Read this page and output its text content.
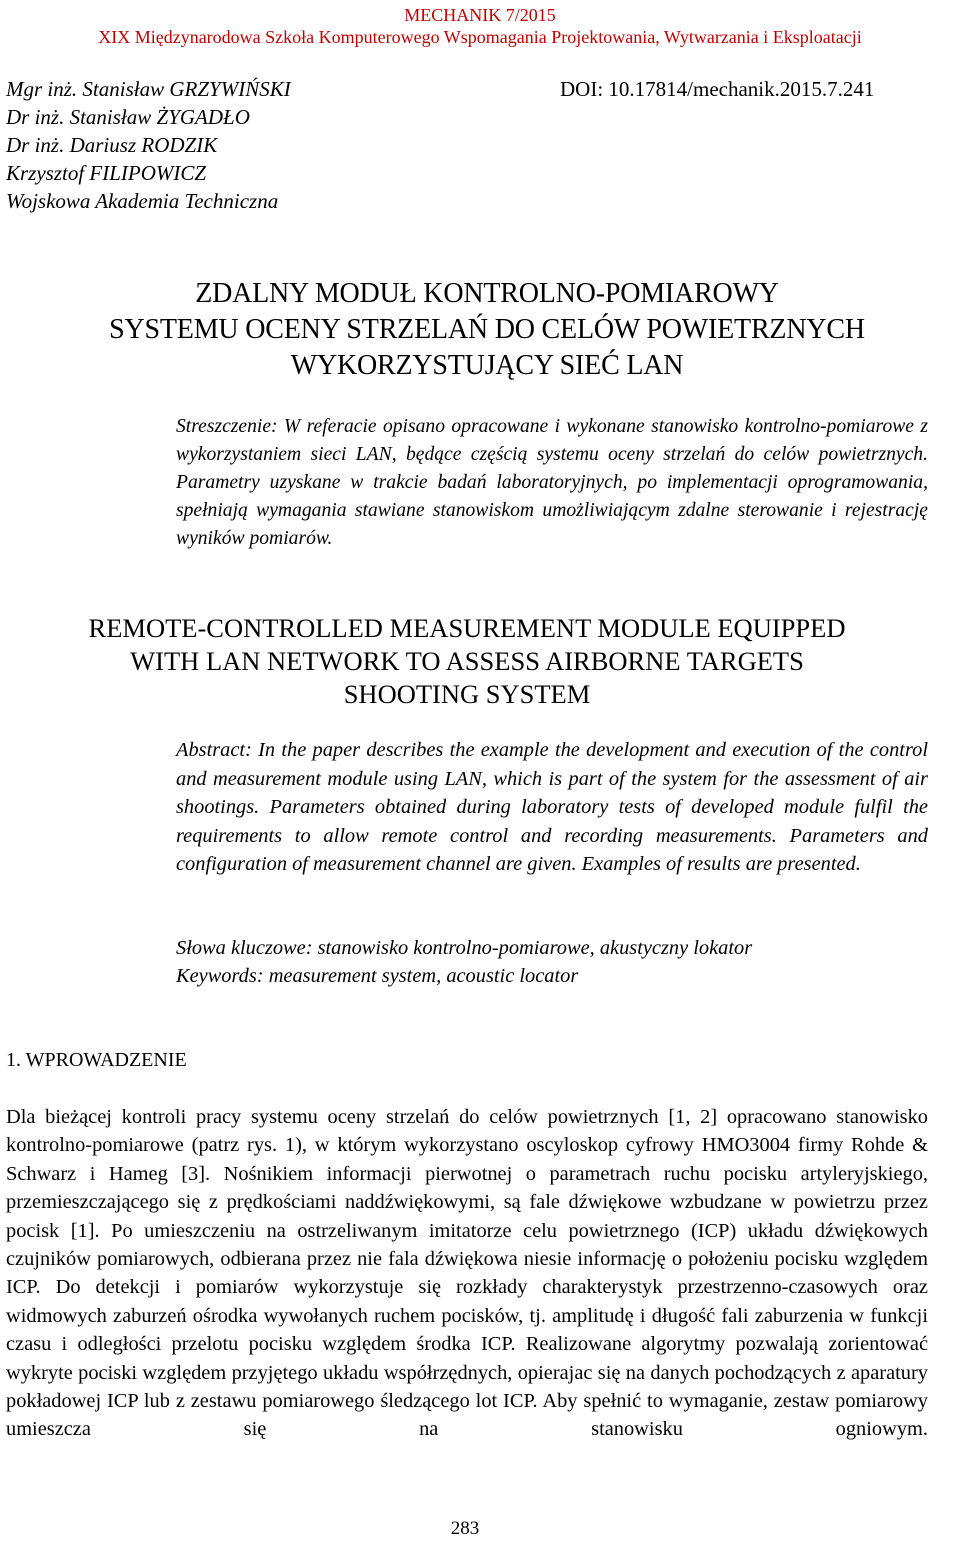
MECHANIK 7/2015
XIX Międzynarodowa Szkoła Komputerowego Wspomagania Projektowania, Wytwarzania i Eksploatacji
Mgr inż. Stanisław GRZYWIŃSKI
Dr inż. Stanisław ŻYGADŁO
Dr inż. Dariusz RODZIK
Krzysztof FILIPOWICZ
Wojskowa Akademia Techniczna
DOI: 10.17814/mechanik.2015.7.241
ZDALNY MODUŁ KONTROLNO-POMIAROWY
SYSTEMU OCENY STRZELAŃ DO CELÓW POWIETRZNYCH
WYKORZYSTUJĄCY SIEĆ LAN
Streszczenie: W referacie opisano opracowane i wykonane stanowisko kontrolno-pomiarowe z wykorzystaniem sieci LAN, będące częścią systemu oceny strzelań do celów powietrznych. Parametry uzyskane w trakcie badań laboratoryjnych, po implementacji oprogramowania, spełniają wymagania stawiane stanowiskom umożliwiającym zdalne sterowanie i rejestrację wyników pomiarów.
REMOTE-CONTROLLED MEASUREMENT MODULE EQUIPPED
WITH LAN NETWORK TO ASSESS AIRBORNE TARGETS
SHOOTING SYSTEM
Abstract: In the paper describes the example the development and execution of the control and measurement module using LAN, which is part of the system for the assessment of air shootings. Parameters obtained during laboratory tests of developed module fulfil the requirements to allow remote control and recording measurements. Parameters and configuration of measurement channel are given. Examples of results are presented.
Słowa kluczowe: stanowisko kontrolno-pomiarowe, akustyczny lokator
Keywords: measurement system, acoustic locator
1. WPROWADZENIE
Dla bieżącej kontroli pracy systemu oceny strzelań do celów powietrznych [1, 2] opracowano stanowisko kontrolno-pomiarowe (patrz rys. 1), w którym wykorzystano oscyloskop cyfrowy HMO3004 firmy Rohde & Schwarz i Hameg [3]. Nośnikiem informacji pierwotnej o parametrach ruchu pocisku artyleryjskiego, przemieszczającego się z prędkościami naddźwiękowymi, są fale dźwiękowe wzbudzane w powietrzu przez pocisk [1]. Po umieszczeniu na ostrzeliwanym imitatorze celu powietrznego (ICP) układu dźwiękowych czujników pomiarowych, odbierana przez nie fala dźwiękowa niesie informację o położeniu pocisku względem ICP. Do detekcji i pomiarów wykorzystuje się rozkłady charakterystyk przestrzenno-czasowych oraz widmowych zaburzeń ośrodka wywołanych ruchem pocisków, tj. amplitudę i długość fali zaburzenia w funkcji czasu i odległości przelotu pocisku względem środka ICP. Realizowane algorytmy pozwalają zorientować wykryte pociski względem przyjętego układu współrzędnych, opierajac się na danych pochodzących z aparatury pokładowej ICP lub z zestawu pomiarowego śledzącego lot ICP. Aby spełnić to wymaganie, zestaw pomiarowy umieszcza się na stanowisku ogniowym.
283
